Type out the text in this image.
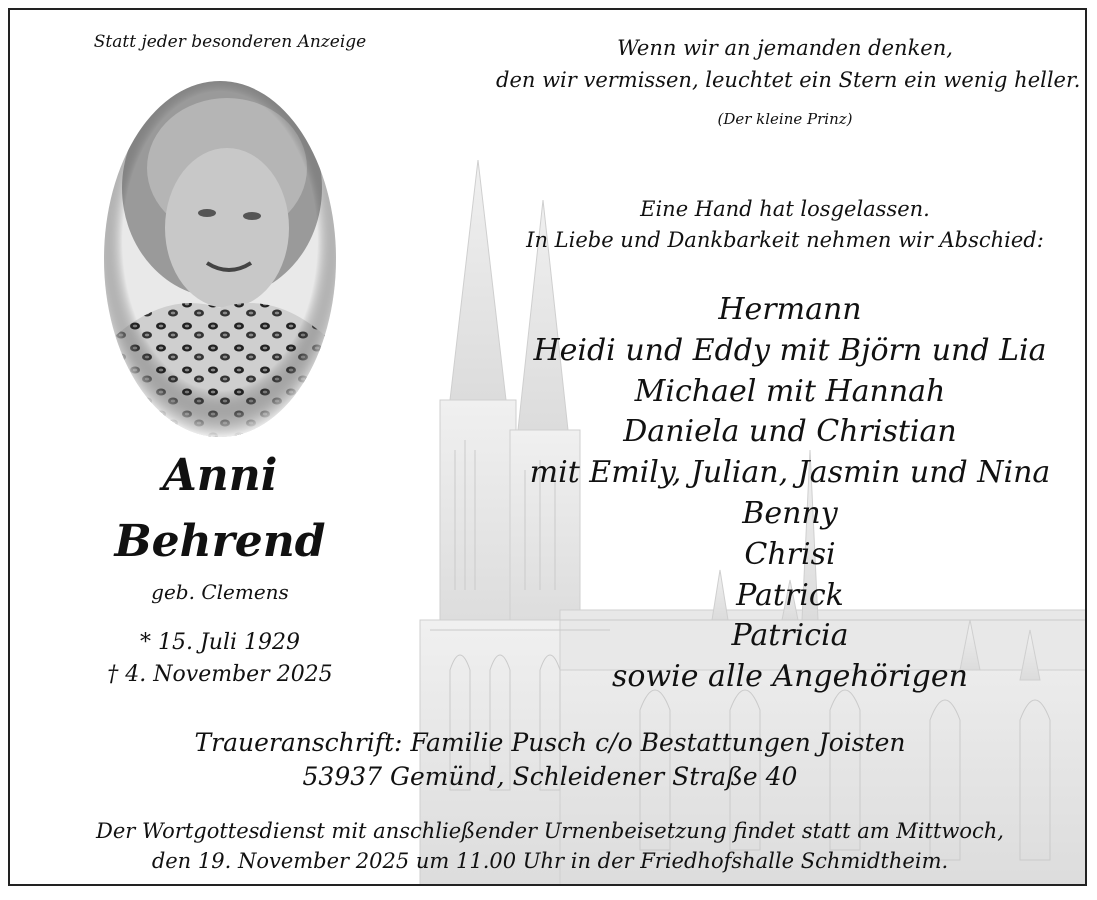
Statt jeder besonderen Anzeige
Anni
Behrend
geb. Clemens
* 15. Juli 1929
† 4. November 2025
Wenn wir an jemanden denken,
den wir vermissen, leuchtet ein Stern ein wenig heller.
(Der kleine Prinz)
Eine Hand hat losgelassen.
In Liebe und Dankbarkeit nehmen wir Abschied:
Hermann
Heidi und Eddy mit Björn und Lia
Michael mit Hannah
Daniela und Christian
mit Emily, Julian, Jasmin und Nina
Benny
Chrisi
Patrick
Patricia
sowie alle Angehörigen
Traueranschrift: Familie Pusch c/o Bestattungen Joisten
53937 Gemünd, Schleidener Straße 40
Der Wortgottesdienst mit anschließender Urnenbeisetzung findet statt am Mittwoch,
den 19. November 2025 um 11.00 Uhr in der Friedhofshalle Schmidtheim.
